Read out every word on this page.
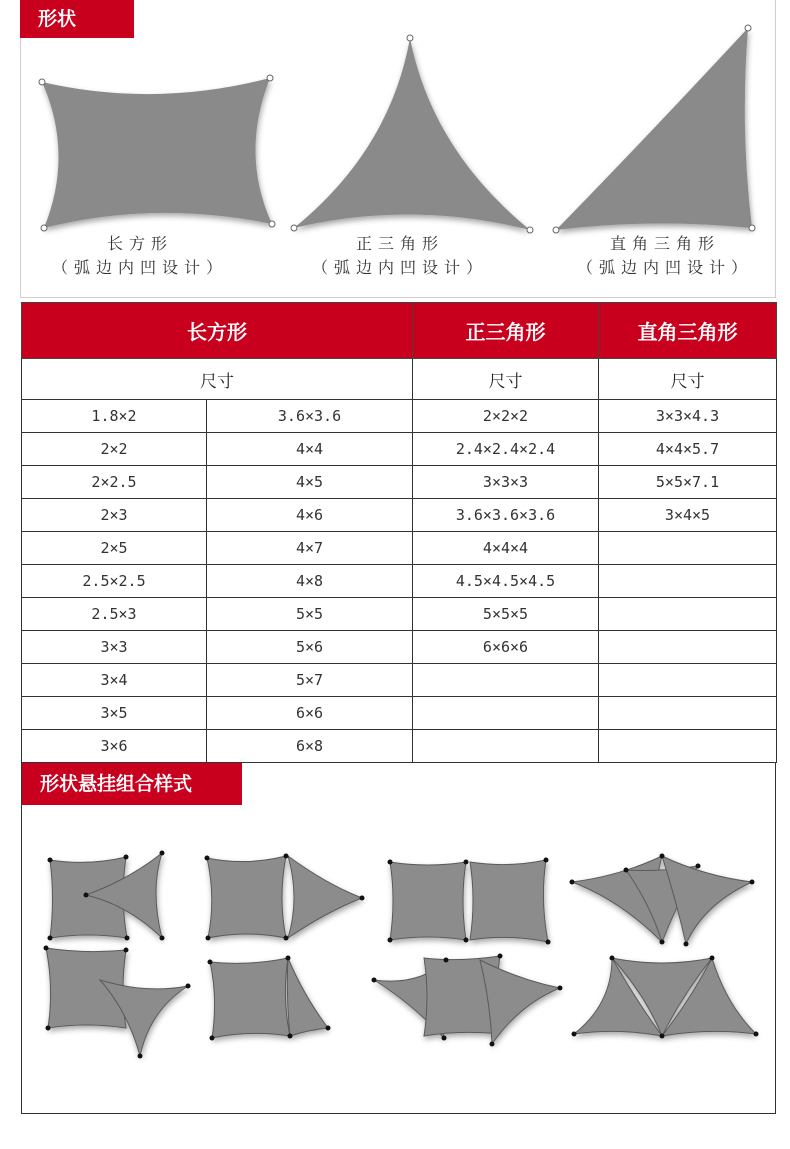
形状
长方形
（弧边内凹设计）
正三角形
（弧边内凹设计）
直角三角形
（弧边内凹设计）
长方形		正三角形	直角三角形
尺寸		尺寸	尺寸
1.8×2	3.6×3.6	2×2×2	3×3×4.3
2×2	4×4	2.4×2.4×2.4	4×4×5.7
2×2.5	4×5	3×3×3	5×5×7.1
2×3	4×6	3.6×3.6×3.6	3×4×5
2×5	4×7	4×4×4	
2.5×2.5	4×8	4.5×4.5×4.5	
2.5×3	5×5	5×5×5	
3×3	5×6	6×6×6	
3×4	5×7		
3×5	6×6		
3×6	6×8		
形状悬挂组合样式
